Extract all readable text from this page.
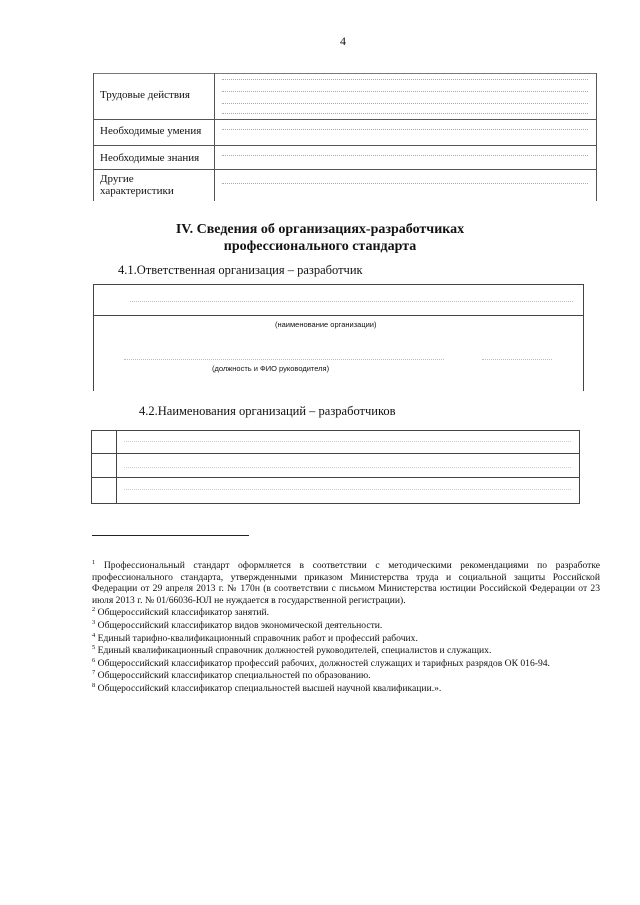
4
Трудовые действия
Необходимые умения
Необходимые знания
Другие характеристики
IV. Сведения об организациях-разработчиках
профессионального стандарта
4.1.Ответственная организация – разработчик
(наименование организации)
(должность и ФИО руководителя)
4.2.Наименования организаций – разработчиков

$^1$ Профессиональный стандарт оформляется в соответствии с методическими рекомендациями по разработке профессионального стандарта, утвержденными приказом Министерства труда и социальной защиты Российской Федерации от 29 апреля 2013 г. № 170н (в соответствии с письмом Министерства юстиции Российской Федерации от 23 июля 2013 г. № 01/66036-ЮЛ не нуждается в государственной регистрации).

$^2$ Общероссийский классификатор занятий.

$^3$ Общероссийский классификатор видов экономической деятельности.

$^4$ Единый тарифно-квалификационный справочник работ и профессий рабочих.

$^5$ Единый квалификационный справочник должностей руководителей, специалистов и служащих.

$^6$ Общероссийский классификатор профессий рабочих, должностей служащих и тарифных разрядов ОК 016-94.

$^7$ Общероссийский классификатор специальностей по образованию.

$^8$ Общероссийский классификатор специальностей высшей научной квалификации.».
